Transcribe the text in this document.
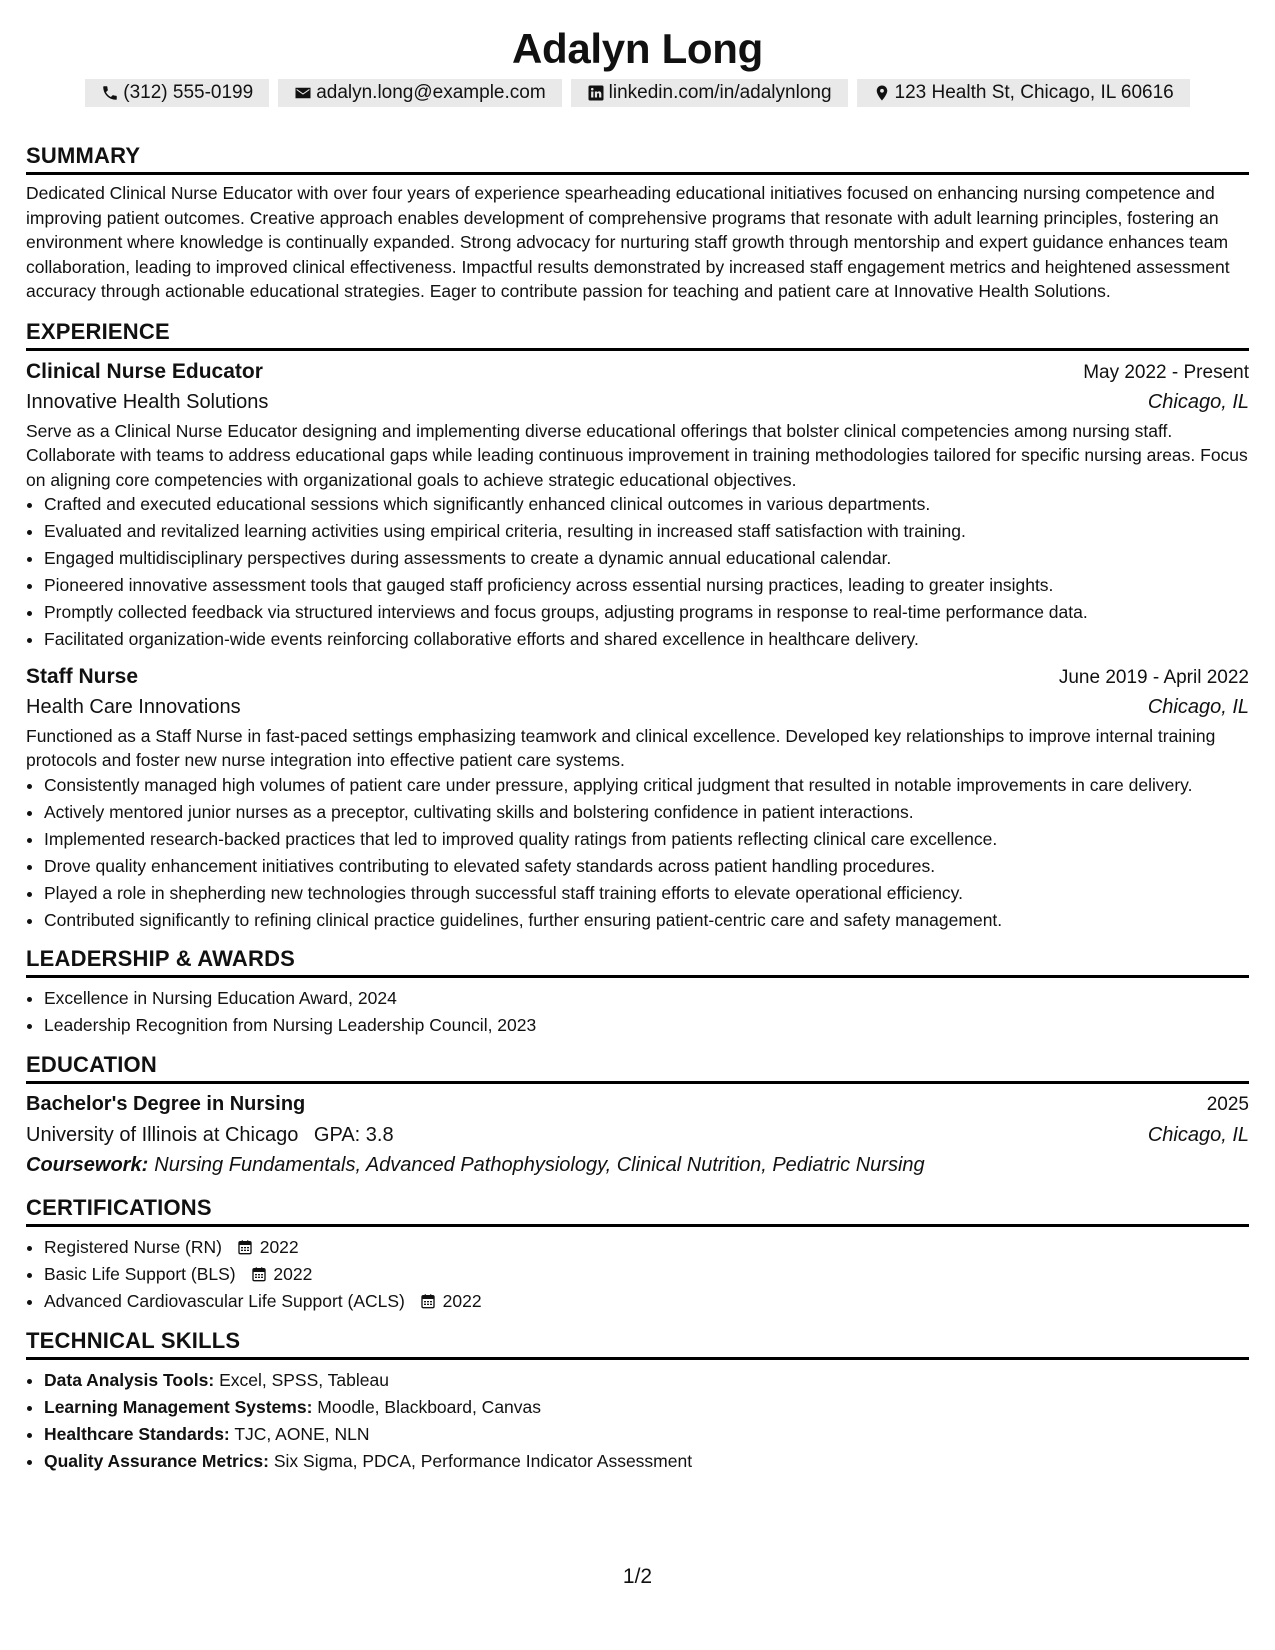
Adalyn Long
(312) 555-0199	adalyn.long@example.com	linkedin.com/in/adalynlong	123 Health St, Chicago, IL 60616
SUMMARY
Dedicated Clinical Nurse Educator with over four years of experience spearheading educational initiatives focused on enhancing nursing competence and improving patient outcomes. Creative approach enables development of comprehensive programs that resonate with adult learning principles, fostering an environment where knowledge is continually expanded. Strong advocacy for nurturing staff growth through mentorship and expert guidance enhances team collaboration, leading to improved clinical effectiveness. Impactful results demonstrated by increased staff engagement metrics and heightened assessment accuracy through actionable educational strategies. Eager to contribute passion for teaching and patient care at Innovative Health Solutions.
EXPERIENCE
Clinical Nurse Educator	May 2022 - Present
Innovative Health Solutions	Chicago, IL
Serve as a Clinical Nurse Educator designing and implementing diverse educational offerings that bolster clinical competencies among nursing staff. Collaborate with teams to address educational gaps while leading continuous improvement in training methodologies tailored for specific nursing areas. Focus on aligning core competencies with organizational goals to achieve strategic educational objectives.
• Crafted and executed educational sessions which significantly enhanced clinical outcomes in various departments.
• Evaluated and revitalized learning activities using empirical criteria, resulting in increased staff satisfaction with training.
• Engaged multidisciplinary perspectives during assessments to create a dynamic annual educational calendar.
• Pioneered innovative assessment tools that gauged staff proficiency across essential nursing practices, leading to greater insights.
• Promptly collected feedback via structured interviews and focus groups, adjusting programs in response to real-time performance data.
• Facilitated organization-wide events reinforcing collaborative efforts and shared excellence in healthcare delivery.
Staff Nurse	June 2019 - April 2022
Health Care Innovations	Chicago, IL
Functioned as a Staff Nurse in fast-paced settings emphasizing teamwork and clinical excellence. Developed key relationships to improve internal training protocols and foster new nurse integration into effective patient care systems.
• Consistently managed high volumes of patient care under pressure, applying critical judgment that resulted in notable improvements in care delivery.
• Actively mentored junior nurses as a preceptor, cultivating skills and bolstering confidence in patient interactions.
• Implemented research-backed practices that led to improved quality ratings from patients reflecting clinical care excellence.
• Drove quality enhancement initiatives contributing to elevated safety standards across patient handling procedures.
• Played a role in shepherding new technologies through successful staff training efforts to elevate operational efficiency.
• Contributed significantly to refining clinical practice guidelines, further ensuring patient-centric care and safety management.
LEADERSHIP & AWARDS
• Excellence in Nursing Education Award, 2024
• Leadership Recognition from Nursing Leadership Council, 2023
EDUCATION
Bachelor's Degree in Nursing	2025
University of Illinois at Chicago GPA: 3.8	Chicago, IL
Coursework: Nursing Fundamentals, Advanced Pathophysiology, Clinical Nutrition, Pediatric Nursing
CERTIFICATIONS
• Registered Nurse (RN) 2022
• Basic Life Support (BLS) 2022
• Advanced Cardiovascular Life Support (ACLS) 2022
TECHNICAL SKILLS
• Data Analysis Tools: Excel, SPSS, Tableau
• Learning Management Systems: Moodle, Blackboard, Canvas
• Healthcare Standards: TJC, AONE, NLN
• Quality Assurance Metrics: Six Sigma, PDCA, Performance Indicator Assessment
1/2
